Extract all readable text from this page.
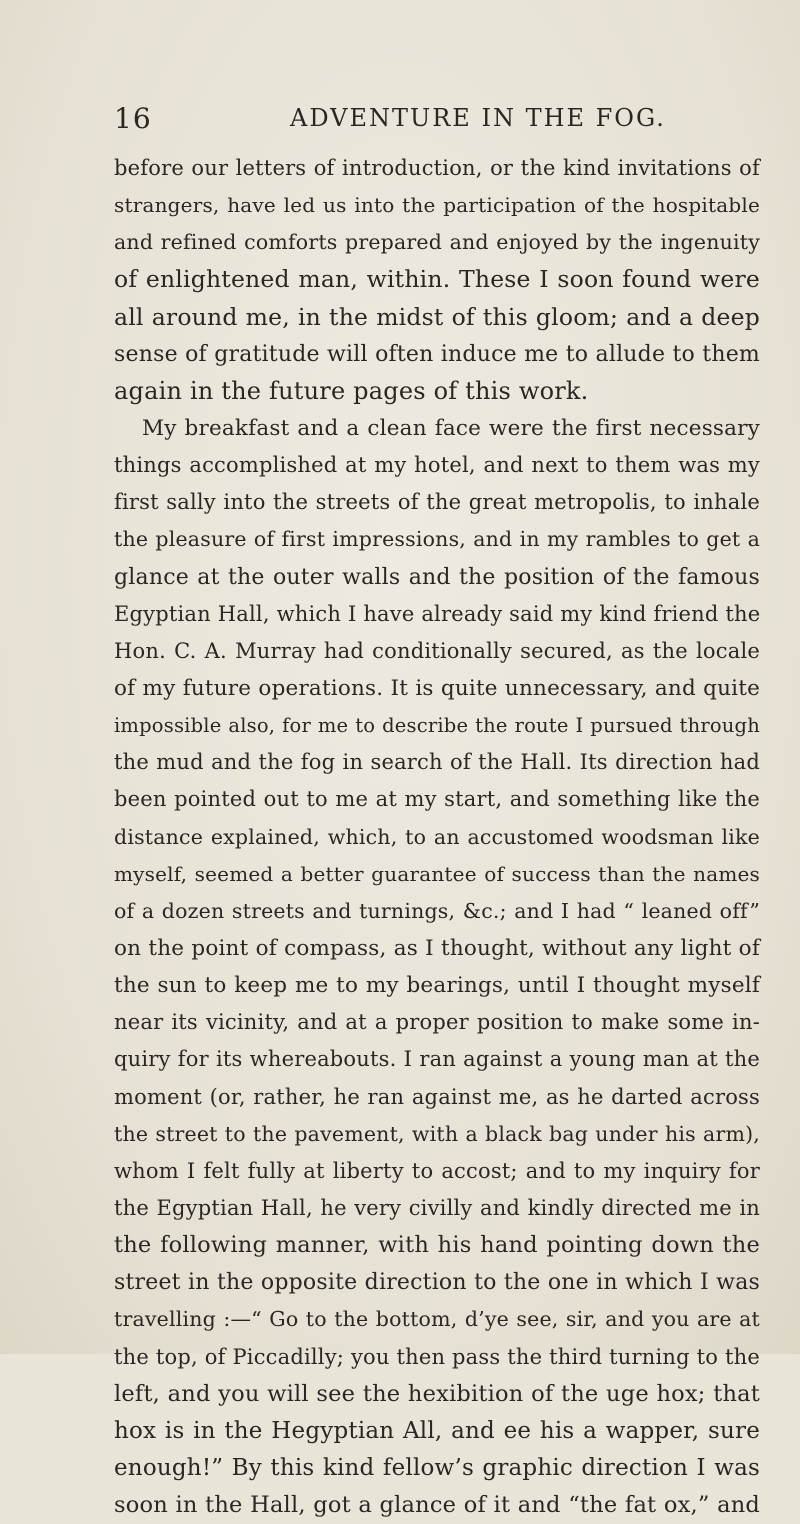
16	ADVENTURE IN THE FOG.
before our letters of introduction, or the kind invitations of
strangers, have led us into the participation of the hospitable
and refined comforts prepared and enjoyed by the ingenuity
of enlightened man, within. These I soon found were
all around me, in the midst of this gloom; and a deep
sense of gratitude will often induce me to allude to them
again in the future pages of this work.
My breakfast and a clean face were the first necessary
things accomplished at my hotel, and next to them was my
first sally into the streets of the great metropolis, to inhale
the pleasure of first impressions, and in my rambles to get a
glance at the outer walls and the position of the famous
Egyptian Hall, which I have already said my kind friend the
Hon. C. A. Murray had conditionally secured, as the locale
of my future operations. It is quite unnecessary, and quite
impossible also, for me to describe the route I pursued through
the mud and the fog in search of the Hall. Its direction had
been pointed out to me at my start, and something like the
distance explained, which, to an accustomed woodsman like
myself, seemed a better guarantee of success than the names
of a dozen streets and turnings, &c.; and I had “ leaned off”
on the point of compass, as I thought, without any light of
the sun to keep me to my bearings, until I thought myself
near its vicinity, and at a proper position to make some in-
quiry for its whereabouts. I ran against a young man at the
moment (or, rather, he ran against me, as he darted across
the street to the pavement, with a black bag under his arm),
whom I felt fully at liberty to accost; and to my inquiry for
the Egyptian Hall, he very civilly and kindly directed me in
the following manner, with his hand pointing down the
street in the opposite direction to the one in which I was
travelling :—“ Go to the bottom, d’ye see, sir, and you are at
the top, of Piccadilly; you then pass the third turning to the
left, and you will see the hexibition of the uge hox; that
hox is in the Hegyptian All, and ee his a wapper, sure
enough!” By this kind fellow’s graphic direction I was
soon in the Hall, got a glance of it and “the fat ox,” and
